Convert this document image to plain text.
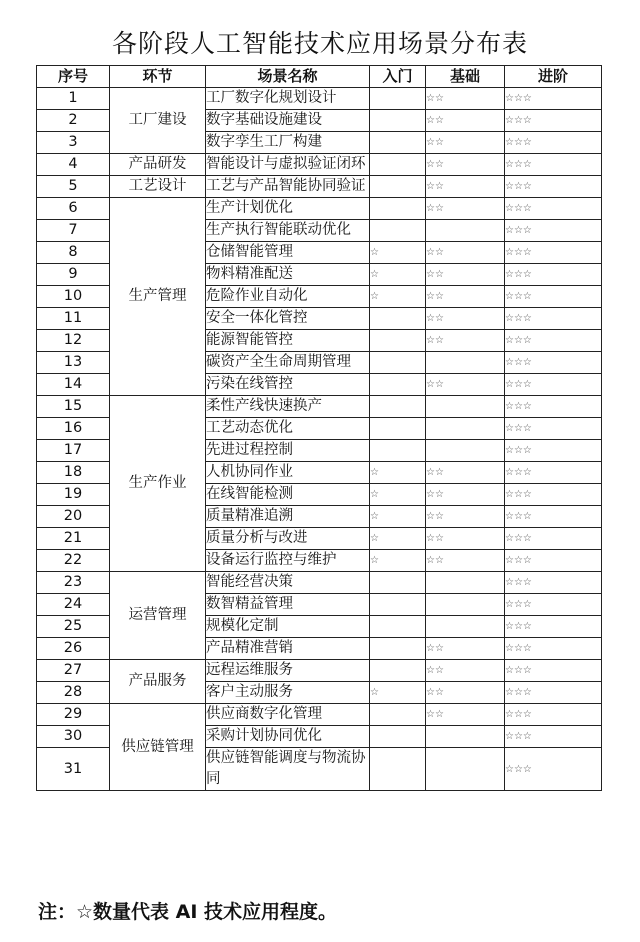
各阶段人工智能技术应用场景分布表
序号	环节	场景名称	入门	基础	进阶
1	工厂建设	工厂数字化规划设计		☆☆	☆☆☆
2		数字基础设施建设		☆☆	☆☆☆
3		数字孪生工厂构建		☆☆	☆☆☆
4	产品研发	智能设计与虚拟验证闭环		☆☆	☆☆☆
5	工艺设计	工艺与产品智能协同验证		☆☆	☆☆☆
6	生产管理	生产计划优化		☆☆	☆☆☆
7		生产执行智能联动优化			☆☆☆
8		仓储智能管理	☆	☆☆	☆☆☆
9		物料精准配送	☆	☆☆	☆☆☆
10		危险作业自动化	☆	☆☆	☆☆☆
11		安全一体化管控		☆☆	☆☆☆
12		能源智能管控		☆☆	☆☆☆
13		碳资产全生命周期管理			☆☆☆
14		污染在线管控		☆☆	☆☆☆
15	生产作业	柔性产线快速换产			☆☆☆
16		工艺动态优化			☆☆☆
17		先进过程控制			☆☆☆
18		人机协同作业	☆	☆☆	☆☆☆
19		在线智能检测	☆	☆☆	☆☆☆
20		质量精准追溯	☆	☆☆	☆☆☆
21		质量分析与改进	☆	☆☆	☆☆☆
22		设备运行监控与维护	☆	☆☆	☆☆☆
23	运营管理	智能经营决策			☆☆☆
24		数智精益管理			☆☆☆
25		规模化定制			☆☆☆
26		产品精准营销		☆☆	☆☆☆
27	产品服务	远程运维服务		☆☆	☆☆☆
28		客户主动服务	☆	☆☆	☆☆☆
29	供应链管理	供应商数字化管理		☆☆	☆☆☆
30		采购计划协同优化			☆☆☆
31		供应链智能调度与物流协同			☆☆☆
注：☆数量代表 AI 技术应用程度。
